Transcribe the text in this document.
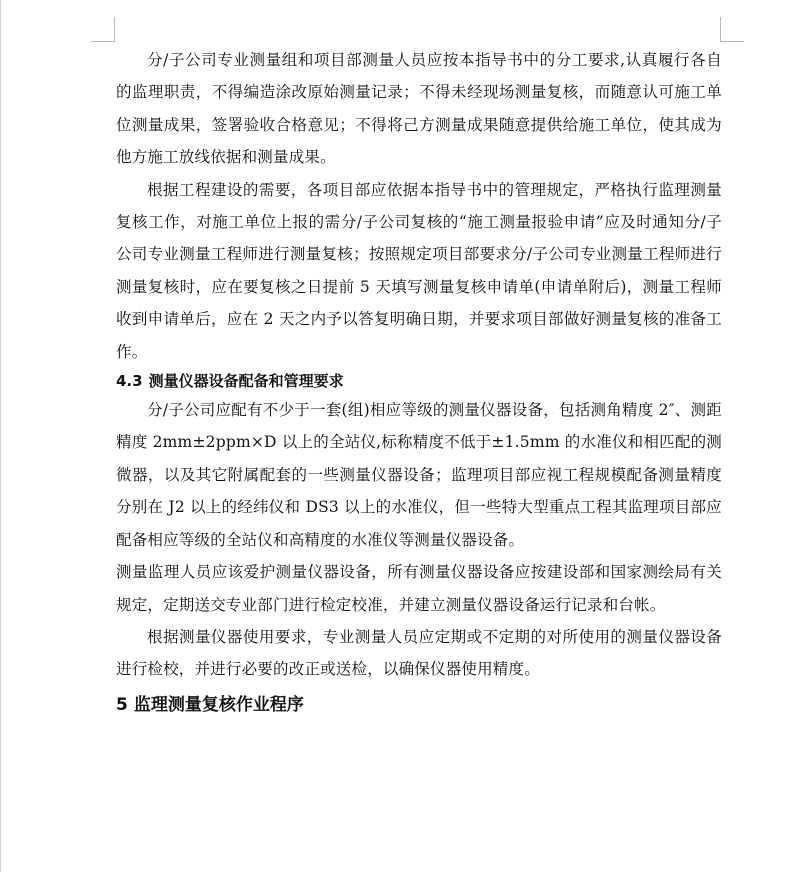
分/子公司专业测量组和项目部测量人员应按本指导书中的分工要求,认真履行各自的监理职责，不得编造涂改原始测量记录；不得未经现场测量复核，而随意认可施工单位测量成果，签署验收合格意见；不得将己方测量成果随意提供给施工单位，使其成为他方施工放线依据和测量成果。

根据工程建设的需要，各项目部应依据本指导书中的管理规定，严格执行监理测量复核工作，对施工单位上报的需分/子公司复核的“施工测量报验申请”应及时通知分/子公司专业测量工程师进行测量复核；按照规定项目部要求分/子公司专业测量工程师进行测量复核时，应在要复核之日提前 5 天填写测量复核申请单(申请单附后)，测量工程师收到申请单后，应在 2 天之内予以答复明确日期，并要求项目部做好测量复核的准备工作。

4.3 测量仪器设备配备和管理要求

分/子公司应配有不少于一套(组)相应等级的测量仪器设备，包括测角精度 2″、测距精度 2mm±2ppm×D 以上的全站仪,标称精度不低于±1.5mm 的水准仪和相匹配的测微器，以及其它附属配套的一些测量仪器设备；监理项目部应视工程规模配备测量精度分别在 J2 以上的经纬仪和 DS3 以上的水准仪，但一些特大型重点工程其监理项目部应配备相应等级的全站仪和高精度的水准仪等测量仪器设备。

测量监理人员应该爱护测量仪器设备，所有测量仪器设备应按建设部和国家测绘局有关规定，定期送交专业部门进行检定校准，并建立测量仪器设备运行记录和台帐。

根据测量仪器使用要求，专业测量人员应定期或不定期的对所使用的测量仪器设备进行检校，并进行必要的改正或送检，以确保仪器使用精度。

5 监理测量复核作业程序
